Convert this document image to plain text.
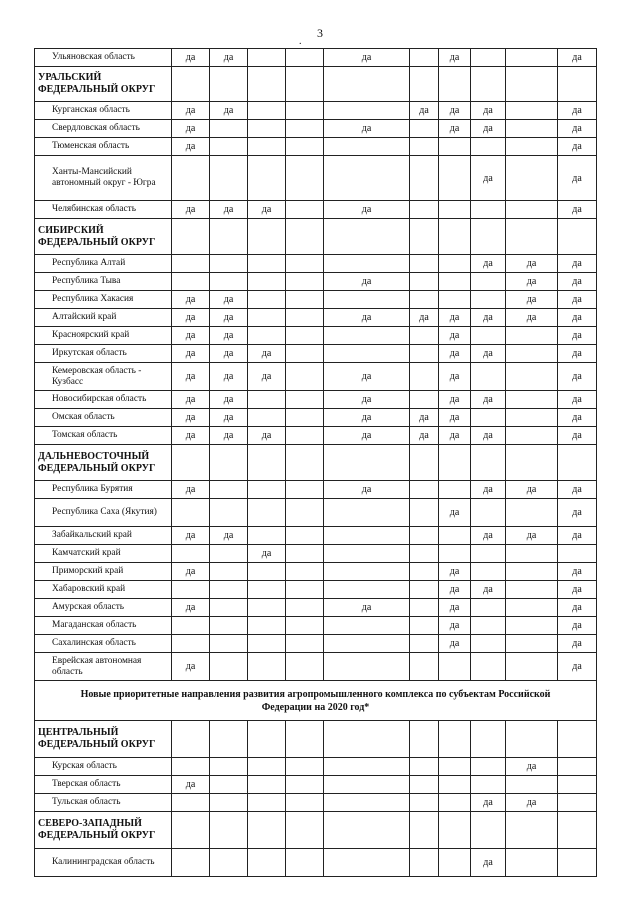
3
.
Ульяновская область	да	да			да		да			да
УРАЛЬСКИЙ ФЕДЕРАЛЬНЫЙ ОКРУГ										
Курганская область	да	да				да	да	да		да
Свердловская область	да				да		да	да		да
Тюменская область	да									да
Ханты-Мансийский автономный округ - Югра								да		да
Челябинская область	да	да	да		да					да
СИБИРСКИЙ ФЕДЕРАЛЬНЫЙ ОКРУГ										
Республика Алтай								да	да	да
Республика Тыва					да				да	да
Республика Хакасия	да	да							да	да
Алтайский край	да	да			да	да	да	да	да	да
Красноярский край	да	да					да			да
Иркутская область	да	да	да				да	да		да
Кемеровская область - Кузбасс	да	да	да		да		да			да
Новосибирская область	да	да			да		да	да		да
Омская область	да	да			да	да	да			да
Томская область	да	да	да		да	да	да	да		да
ДАЛЬНЕВОСТОЧНЫЙ ФЕДЕРАЛЬНЫЙ ОКРУГ										
Республика Бурятия	да				да			да	да	да
Республика Саха (Якутия)							да			да
Забайкальский край	да	да						да	да	да
Камчатский край			да							
Приморский край	да						да			да
Хабаровский край							да	да		да
Амурская область	да				да		да			да
Магаданская область							да			да
Сахалинская область							да			да
Еврейская автономная область	да									да
Новые приоритетные направления развития агропромышленного комплекса по субъектам Российской Федерации на 2020 год*										
ЦЕНТРАЛЬНЫЙ ФЕДЕРАЛЬНЫЙ ОКРУГ										
Курская область									да	
Тверская область	да									
Тульская область								да	да	
СЕВЕРО-ЗАПАДНЫЙ ФЕДЕРАЛЬНЫЙ ОКРУГ										
Калининградская область								да		
